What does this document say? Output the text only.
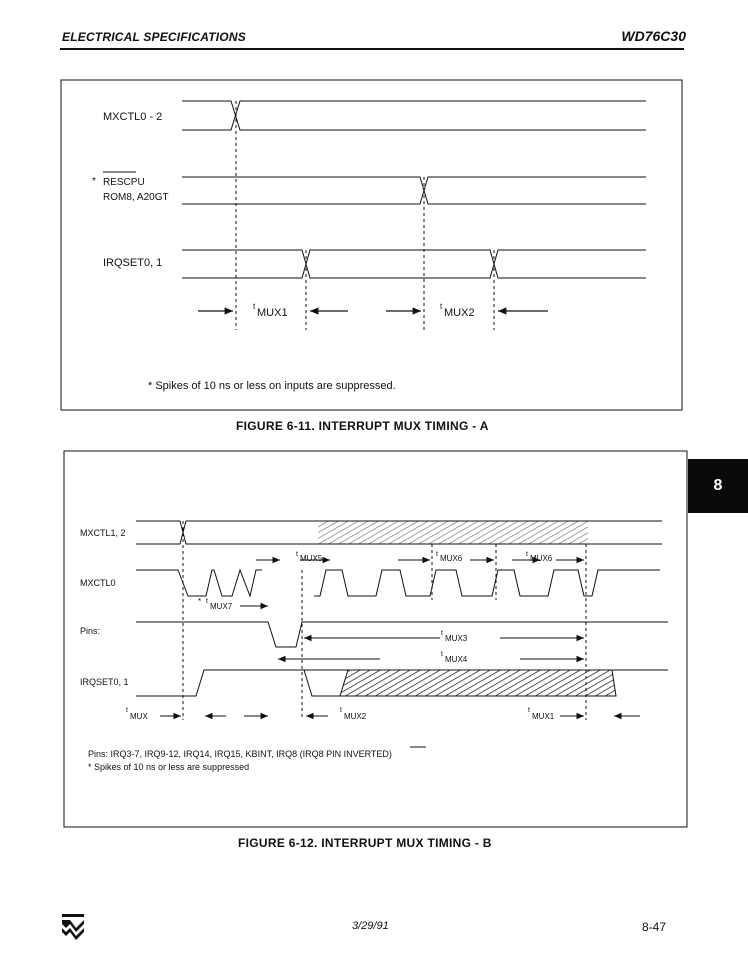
ELECTRICAL SPECIFICATIONS	WD76C30
MXCTL0 - 2
* RESCPU
ROM8, A20GT
IRQSET0, 1
t
MUX1
t
MUX2
* Spikes of 10 ns or less on inputs are suppressed.
MXCTL1, 2
MXCTL0
Pins:
IRQSET0, 1
t MUX5	t MUX6	t MUX6
* t
MUX7
t
MUX3
t
MUX4
t
MUX
t
MUX2
t
MUX1
Pins: IRQ3-7, IRQ9-12, IRQ14, IRQ15, KBINT, IRQ8 (IRQ8 PIN INVERTED)
* Spikes of 10 ns or less are suppressed
FIGURE 6-11. INTERRUPT MUX TIMING - A
FIGURE 6-12. INTERRUPT MUX TIMING - B
8
3/29/91	8-47
